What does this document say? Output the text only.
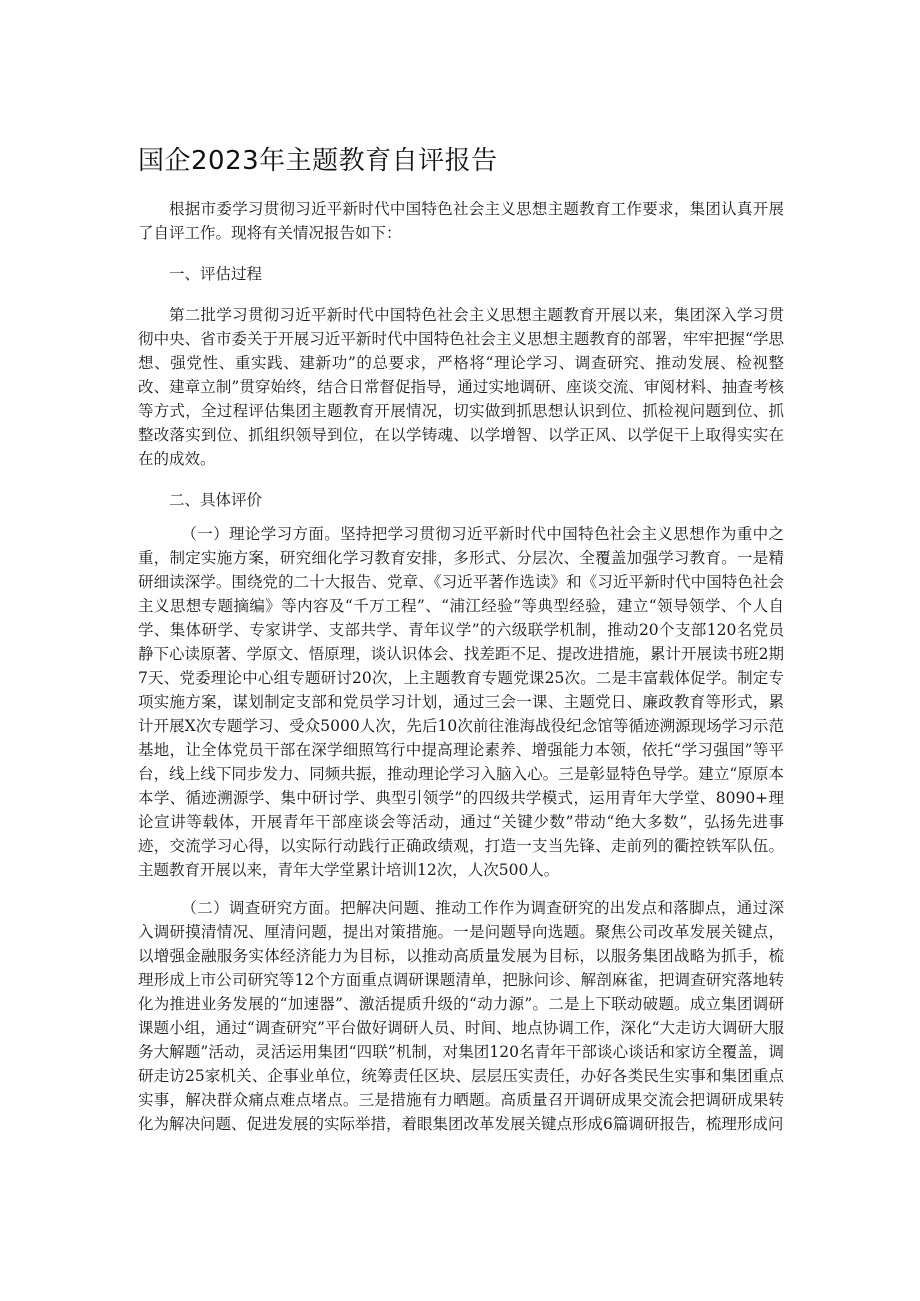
国企2023年主题教育自评报告

根据市委学习贯彻习近平新时代中国特色社会主义思想主题教育工作要求，集团认真开展了自评工作。现将有关情况报告如下：

一、评估过程

第二批学习贯彻习近平新时代中国特色社会主义思想主题教育开展以来，集团深入学习贯彻中央、省市委关于开展习近平新时代中国特色社会主义思想主题教育的部署，牢牢把握“学思想、强党性、重实践、建新功”的总要求，严格将“理论学习、调查研究、推动发展、检视整改、建章立制”贯穿始终，结合日常督促指导，通过实地调研、座谈交流、审阅材料、抽查考核等方式，全过程评估集团主题教育开展情况，切实做到抓思想认识到位、抓检视问题到位、抓整改落实到位、抓组织领导到位，在以学铸魂、以学增智、以学正风、以学促干上取得实实在在的成效。

二、具体评价

（一）理论学习方面。坚持把学习贯彻习近平新时代中国特色社会主义思想作为重中之重，制定实施方案，研究细化学习教育安排，多形式、分层次、全覆盖加强学习教育。一是精研细读深学。围绕党的二十大报告、党章、《习近平著作选读》和《习近平新时代中国特色社会主义思想专题摘编》等内容及“千万工程”、“浦江经验”等典型经验，建立“领导领学、个人自学、集体研学、专家讲学、支部共学、青年议学”的六级联学机制，推动20个支部120名党员静下心读原著、学原文、悟原理，谈认识体会、找差距不足、提改进措施，累计开展读书班2期7天、党委理论中心组专题研讨20次，上主题教育专题党课25次。二是丰富载体促学。制定专项实施方案，谋划制定支部和党员学习计划，通过三会一课、主题党日、廉政教育等形式，累计开展X次专题学习、受众5000人次，先后10次前往淮海战役纪念馆等循迹溯源现场学习示范基地，让全体党员干部在深学细照笃行中提高理论素养、增强能力本领，依托“学习强国”等平台，线上线下同步发力、同频共振，推动理论学习入脑入心。三是彰显特色导学。建立“原原本本学、循迹溯源学、集中研讨学、典型引领学”的四级共学模式，运用青年大学堂、8090+理论宣讲等载体，开展青年干部座谈会等活动，通过“关键少数”带动“绝大多数”，弘扬先进事迹，交流学习心得，以实际行动践行正确政绩观，打造一支当先锋、走前列的衢控铁军队伍。主题教育开展以来，青年大学堂累计培训12次，人次500人。

（二）调查研究方面。把解决问题、推动工作作为调查研究的出发点和落脚点，通过深入调研摸清情况、厘清问题，提出对策措施。一是问题导向选题。聚焦公司改革发展关键点，以增强金融服务实体经济能力为目标，以推动高质量发展为目标，以服务集团战略为抓手，梳理形成上市公司研究等12个方面重点调研课题清单，把脉问诊、解剖麻雀，把调查研究落地转化为推进业务发展的“加速器”、激活提质升级的“动力源”。二是上下联动破题。成立集团调研课题小组，通过“调查研究”平台做好调研人员、时间、地点协调工作，深化“大走访大调研大服务大解题”活动，灵活运用集团“四联”机制，对集团120名青年干部谈心谈话和家访全覆盖，调研走访25家机关、企事业单位，统筹责任区块、层层压实责任，办好各类民生实事和集团重点实事，解决群众痛点难点堵点。三是措施有力晒题。高质量召开调研成果交流会把调研成果转化为解决问题、促进发展的实际举措，着眼集团改革发展关键点形成6篇调研报告，梳理形成问
